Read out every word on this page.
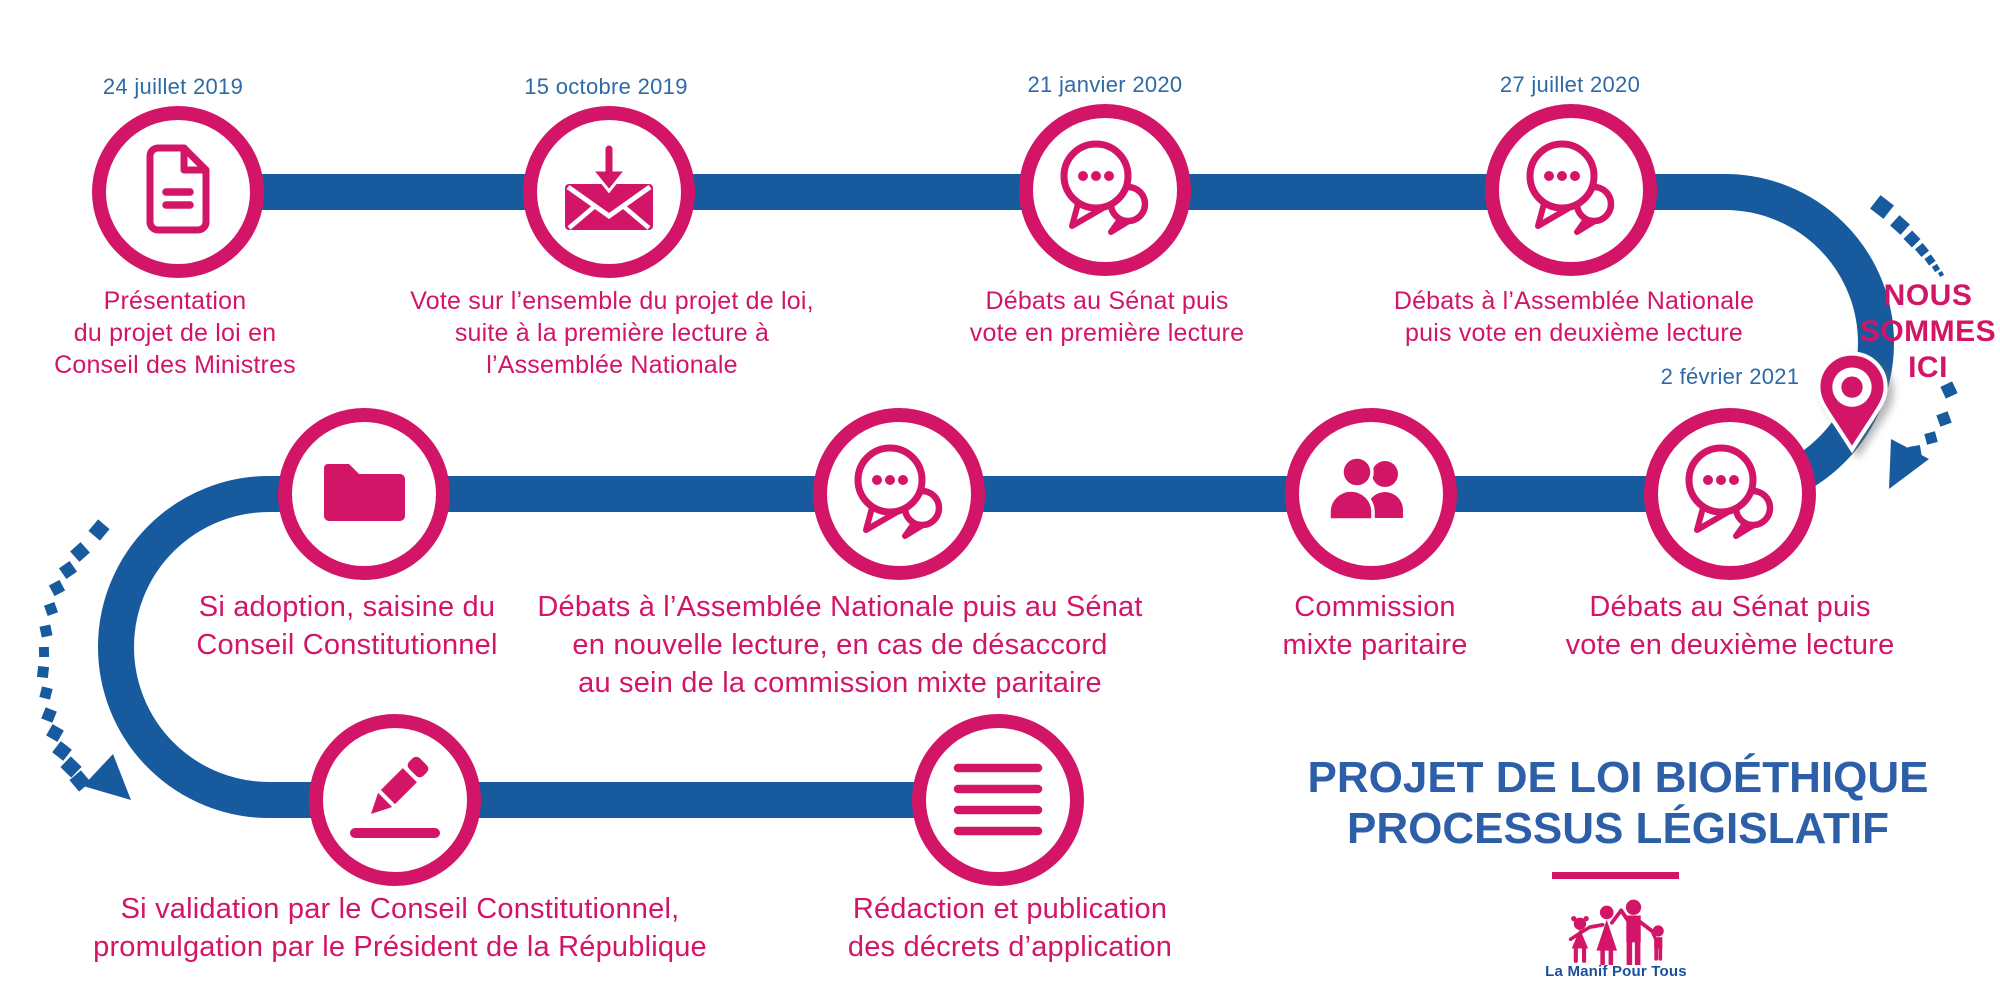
24 juillet 2019	15 octobre 2019	21 janvier 2020	27 juillet 2020
2 février 2021
Présentation
du projet de loi en
Conseil des Ministres
Vote sur l’ensemble du projet de loi,
suite à la première lecture à
l’Assemblée Nationale
Débats au Sénat puis
vote en première lecture
Débats à l’Assemblée Nationale
puis vote en deuxième lecture
Débats au Sénat puis
vote en deuxième lecture
Commission
mixte paritaire
Débats à l’Assemblée Nationale puis au Sénat
en nouvelle lecture, en cas de désaccord
au sein de la commission mixte paritaire
Si adoption, saisine du
Conseil Constitutionnel
Si validation par le Conseil Constitutionnel,
promulgation par le Président de la République
Rédaction et publication
des décrets d’application
NOUS
SOMMES
ICI
PROJET DE LOI BIOÉTHIQUE
PROCESSUS LÉGISLATIF
La Manif Pour Tous
